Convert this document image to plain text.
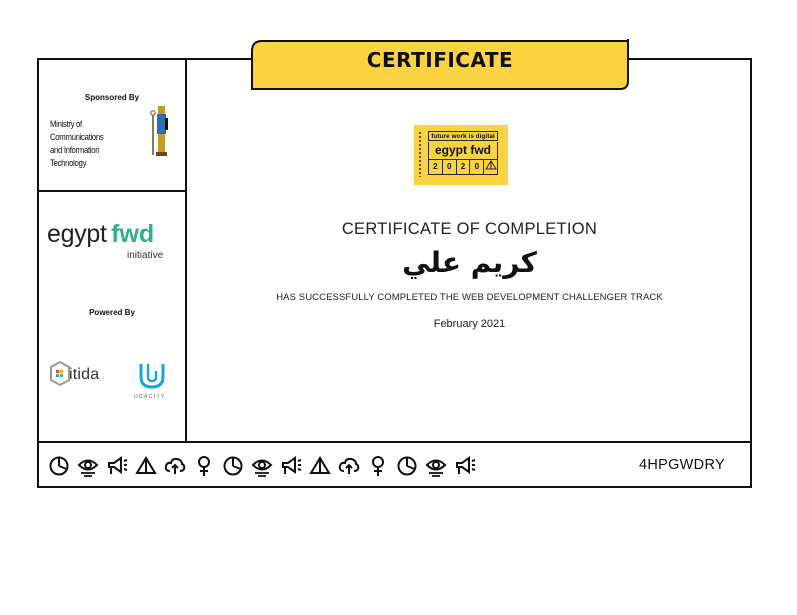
CERTIFICATE
Sponsored By
Ministry of Communications
and Information Technology
egypt fwd
initiative
Powered By
itida
UDACITY
future work is digital
egypt fwd
2	0	2	0
CERTIFICATE OF COMPLETION
كريم علي
HAS SUCCESSFULLY COMPLETED THE WEB DEVELOPMENT CHALLENGER TRACK
February 2021
4HPGWDRY
